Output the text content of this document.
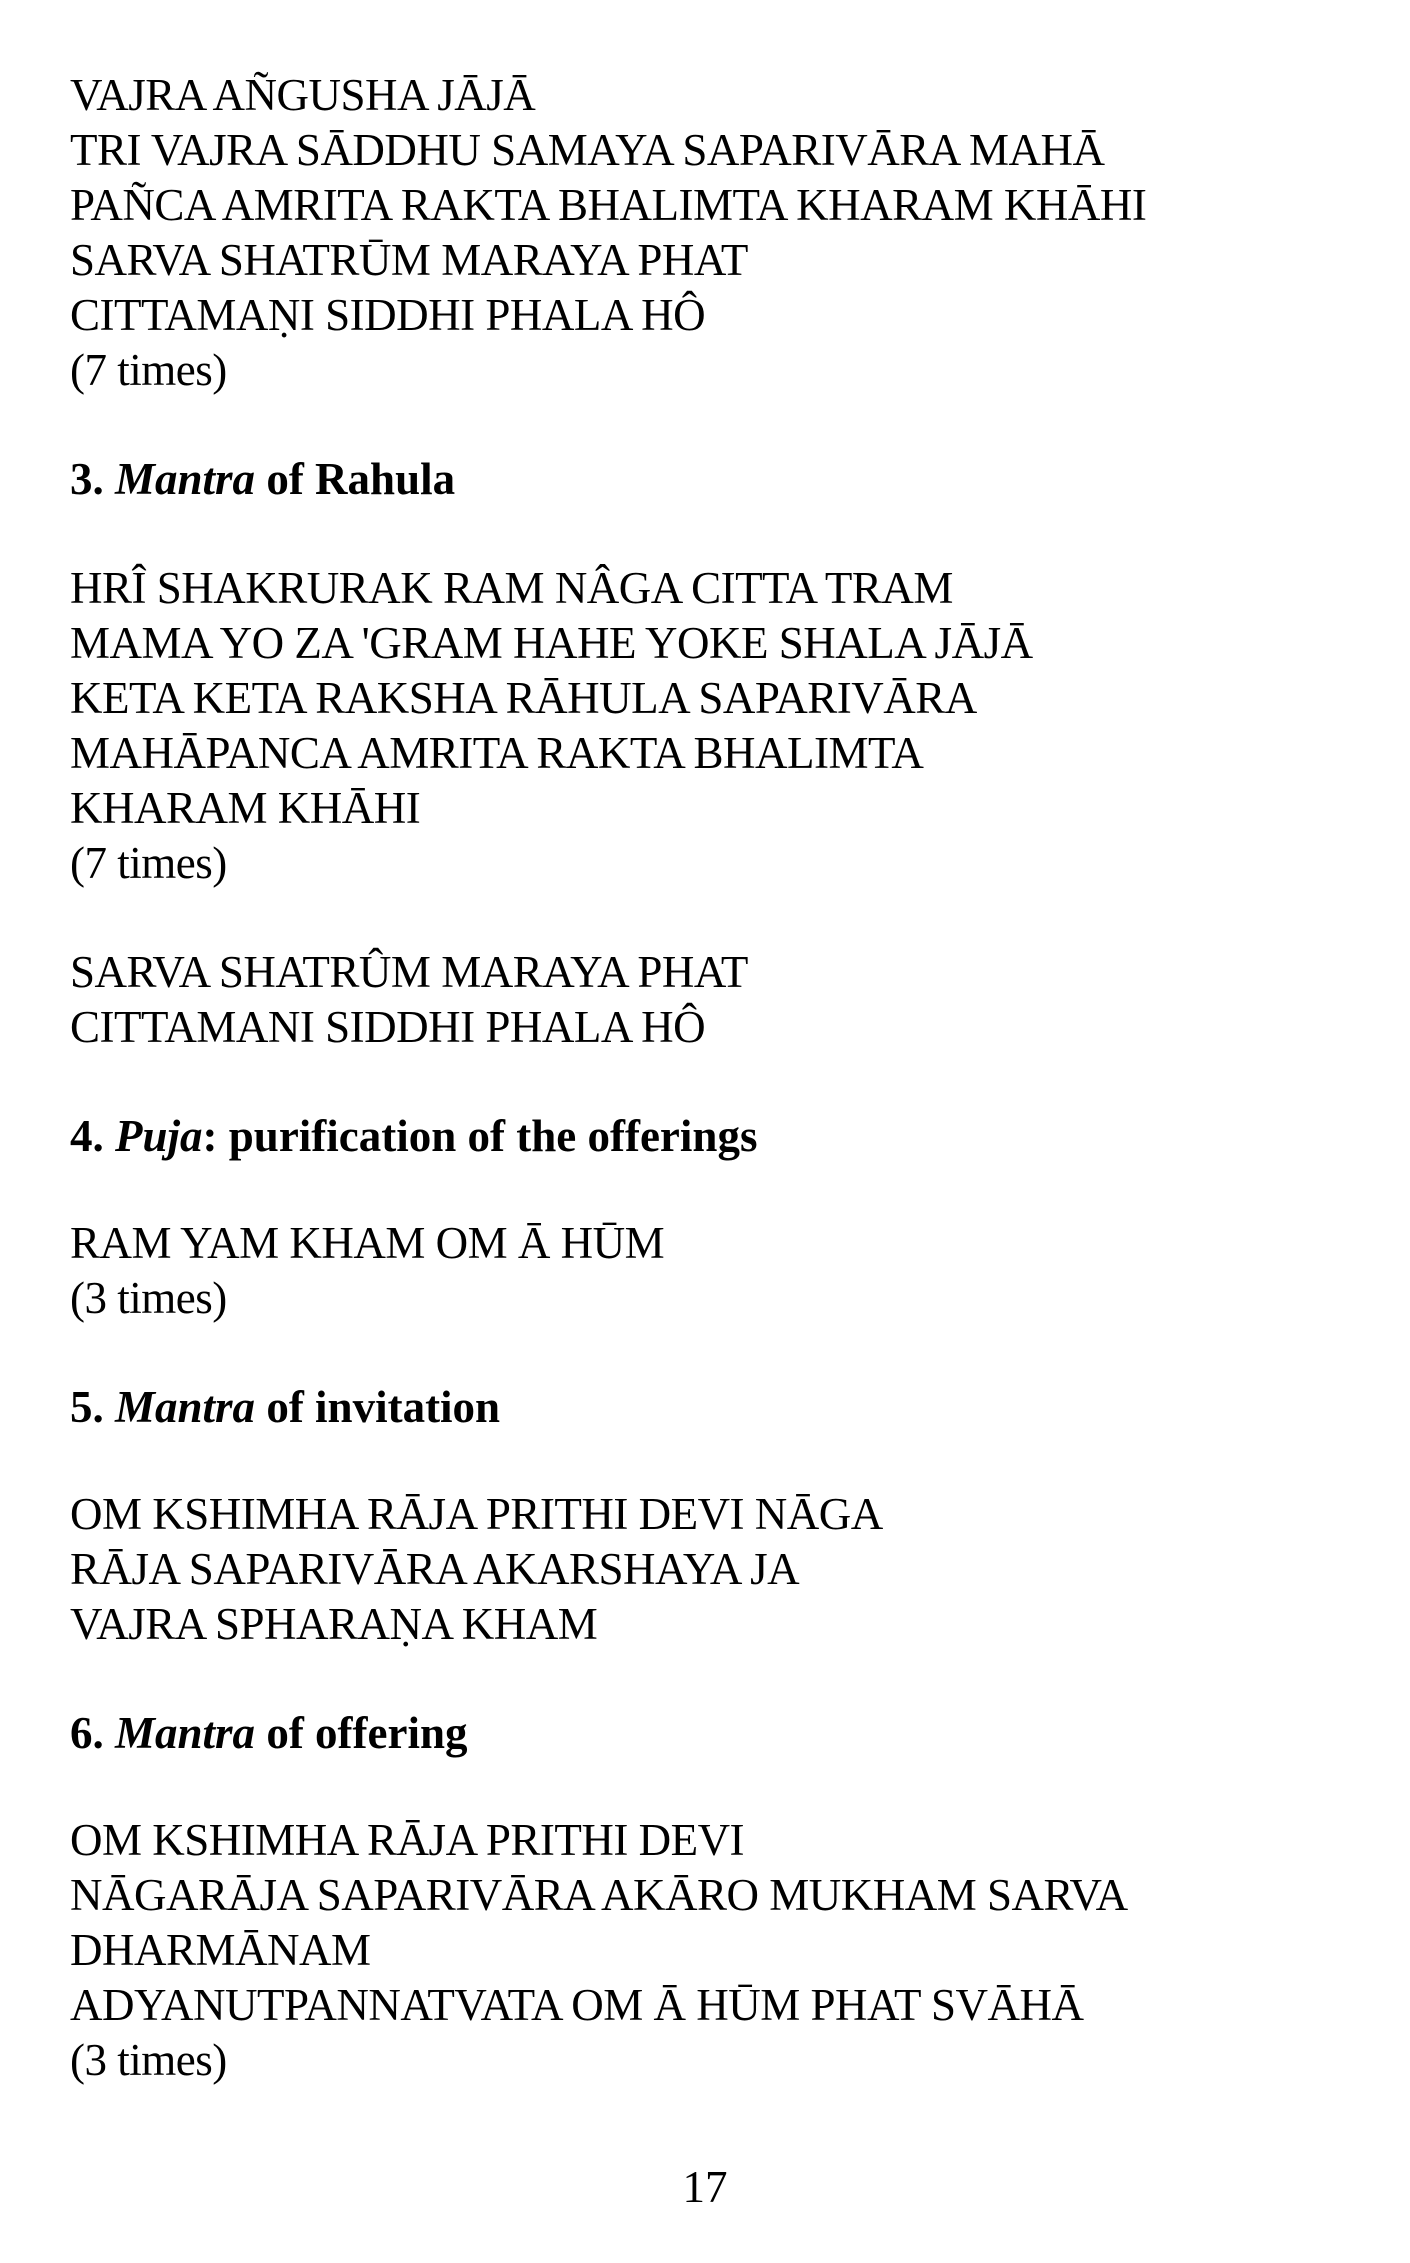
VAJRA AÑGUSHA JĀJĀ
TRI VAJRA SĀDDHU SAMAYA SAPARIVĀRA MAHĀ
PAÑCA AMRITA RAKTA BHALIMTA KHARAM KHĀHI
SARVA SHATRŪM MARAYA PHAT
CITTAMAṆI SIDDHI PHALA HÔ
(7 times)
3. Mantra of Rahula
HRÎ SHAKRURAK RAM NÂGA CITTA TRAM
MAMA YO ZA 'GRAM HAHE YOKE SHALA JĀJĀ
KETA KETA RAKSHA RĀHULA SAPARIVĀRA
MAHĀPANCA AMRITA RAKTA BHALIMTA
KHARAM KHĀHI
(7 times)
SARVA SHATRÛM MARAYA PHAT
CITTAMANI SIDDHI PHALA HÔ
4. Puja: purification of the offerings
RAM YAM KHAM OM Ā HŪM
(3 times)
5. Mantra of invitation
OM KSHIMHA RĀJA PRITHI DEVI NĀGA
RĀJA SAPARIVĀRA AKARSHAYA JA
VAJRA SPHARAṆA KHAM
6. Mantra of offering
OM KSHIMHA RĀJA PRITHI DEVI
NĀGARĀJA SAPARIVĀRA AKĀRO MUKHAM SARVA
DHARMĀNAM
ADYANUTPANNATVATA OM Ā HŪM PHAT SVĀHĀ
(3 times)
17
